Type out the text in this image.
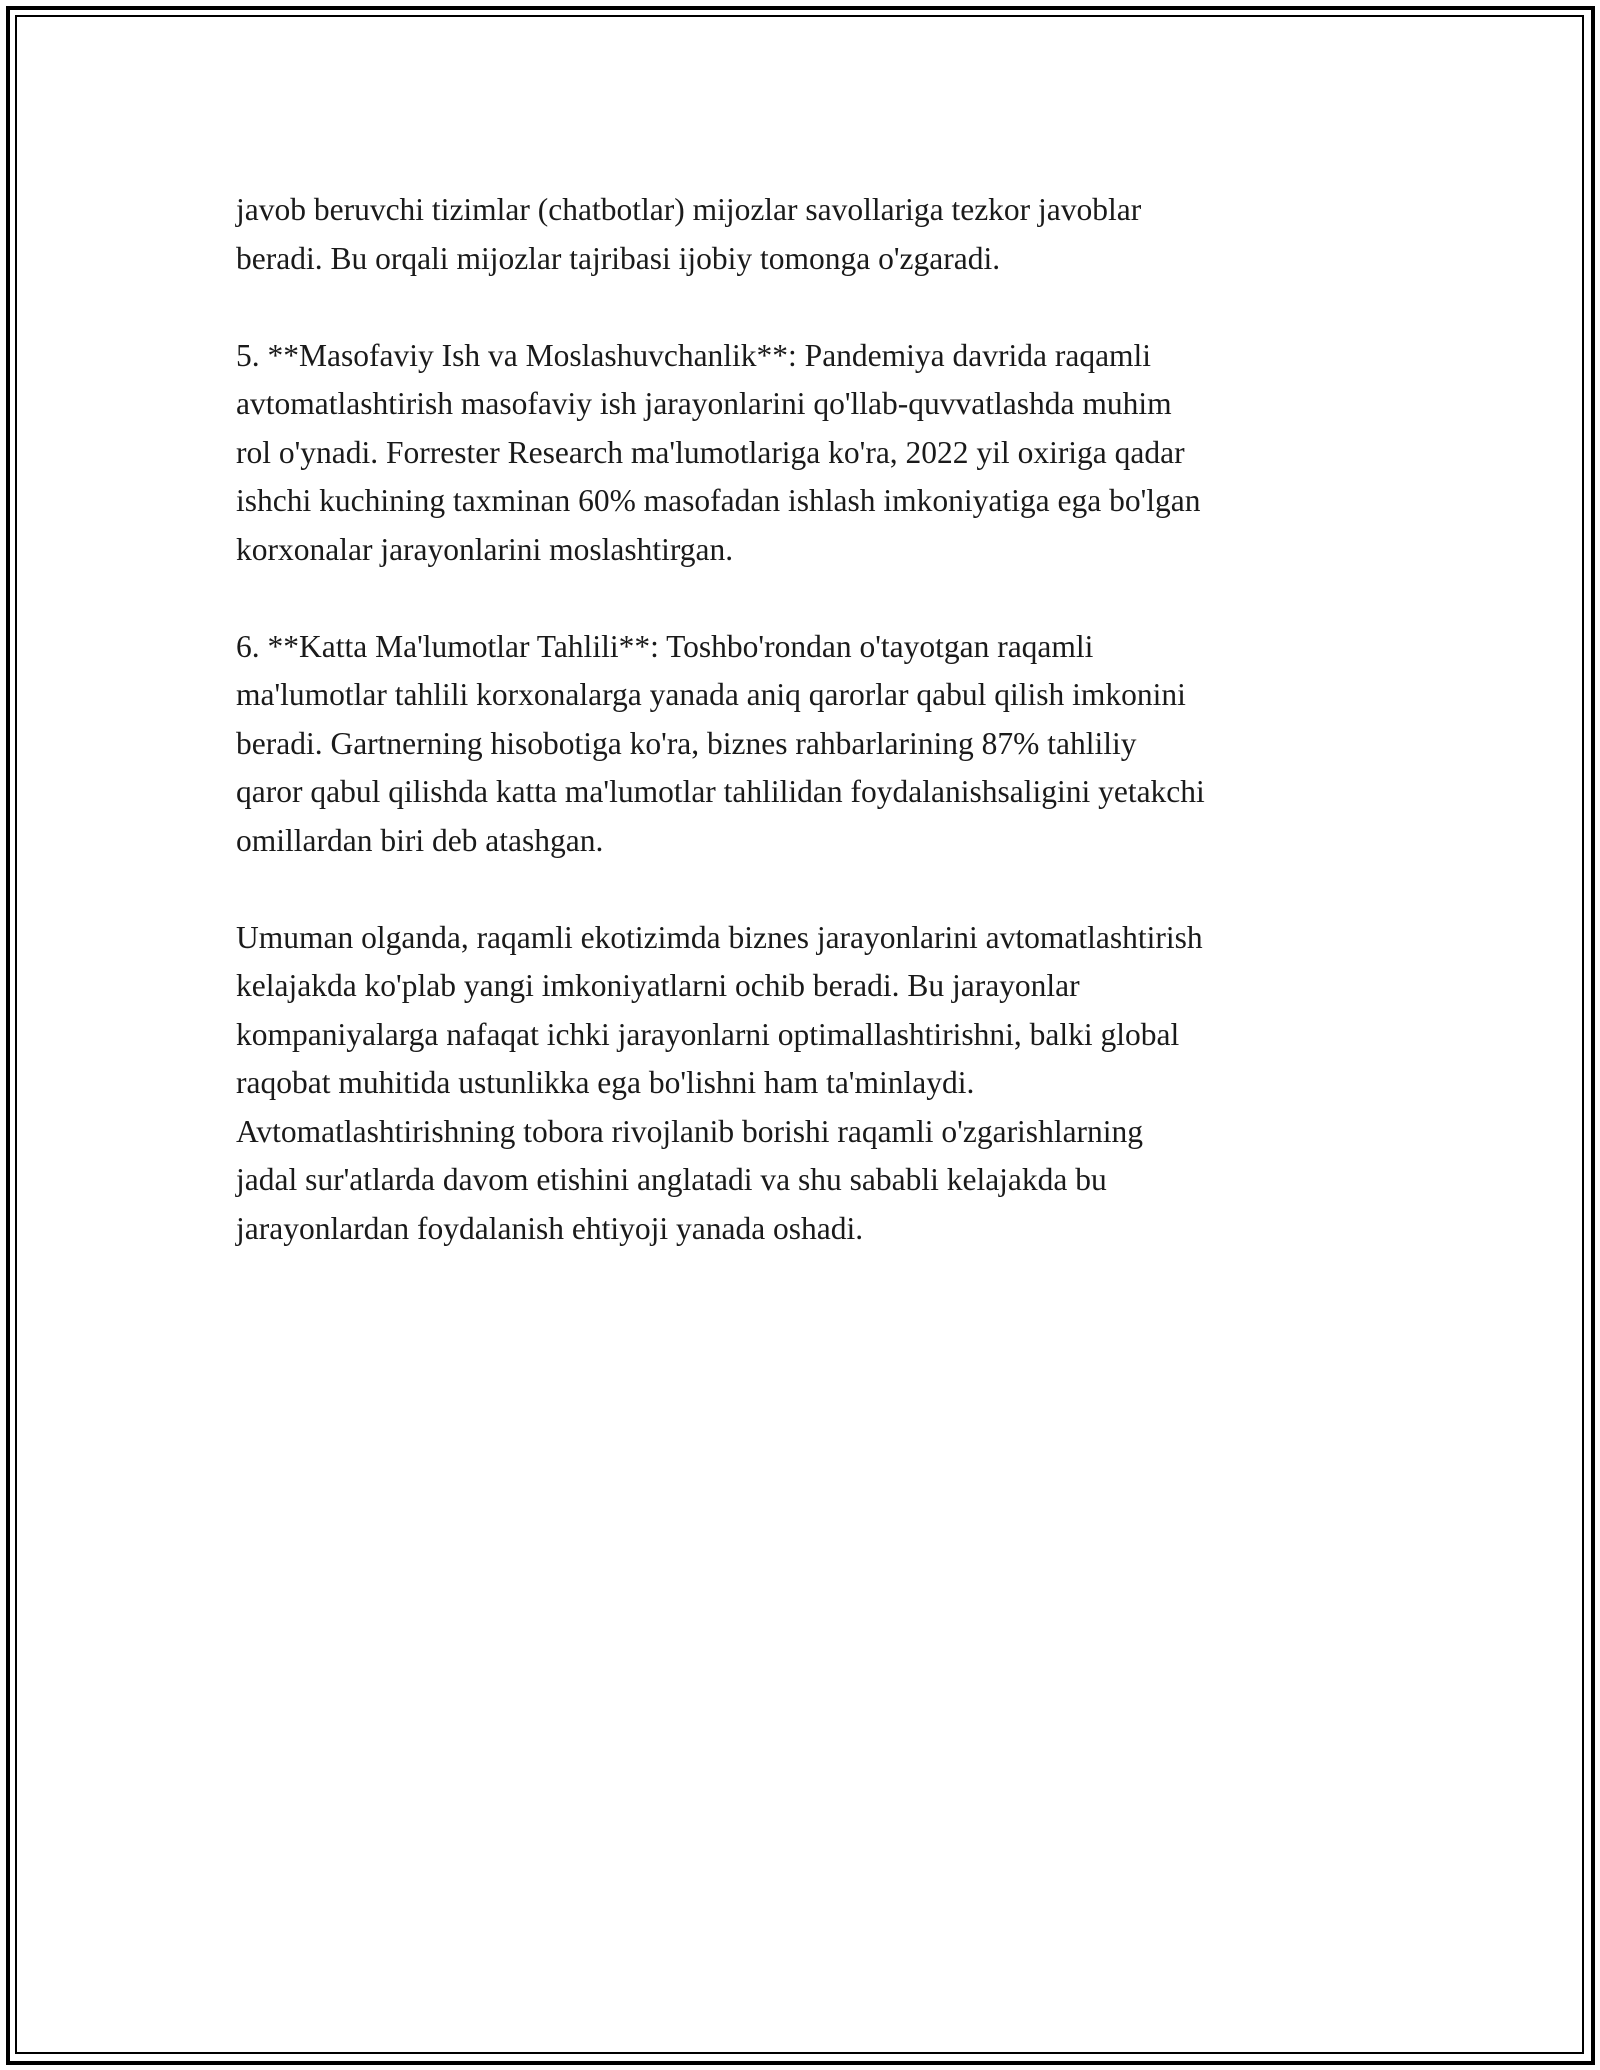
javob beruvchi tizimlar (chatbotlar) mijozlar savollariga tezkor javoblar
beradi. Bu orqali mijozlar tajribasi ijobiy tomonga o'zgaradi.

5. **Masofaviy Ish va Moslashuvchanlik**: Pandemiya davrida raqamli
avtomatlashtirish masofaviy ish jarayonlarini qo'llab-quvvatlashda muhim
rol o'ynadi. Forrester Research ma'lumotlariga ko'ra, 2022 yil oxiriga qadar
ishchi kuchining taxminan 60% masofadan ishlash imkoniyatiga ega bo'lgan
korxonalar jarayonlarini moslashtirgan.

6. **Katta Ma'lumotlar Tahlili**: Toshbo'rondan o'tayotgan raqamli
ma'lumotlar tahlili korxonalarga yanada aniq qarorlar qabul qilish imkonini
beradi. Gartnerning hisobotiga ko'ra, biznes rahbarlarining 87% tahliliy
qaror qabul qilishda katta ma'lumotlar tahlilidan foydalanishsaligini yetakchi
omillardan biri deb atashgan.

Umuman olganda, raqamli ekotizimda biznes jarayonlarini avtomatlashtirish
kelajakda ko'plab yangi imkoniyatlarni ochib beradi. Bu jarayonlar
kompaniyalarga nafaqat ichki jarayonlarni optimallashtirishni, balki global
raqobat muhitida ustunlikka ega bo'lishni ham ta'minlaydi.
Avtomatlashtirishning tobora rivojlanib borishi raqamli o'zgarishlarning
jadal sur'atlarda davom etishini anglatadi va shu sababli kelajakda bu
jarayonlardan foydalanish ehtiyoji yanada oshadi.
